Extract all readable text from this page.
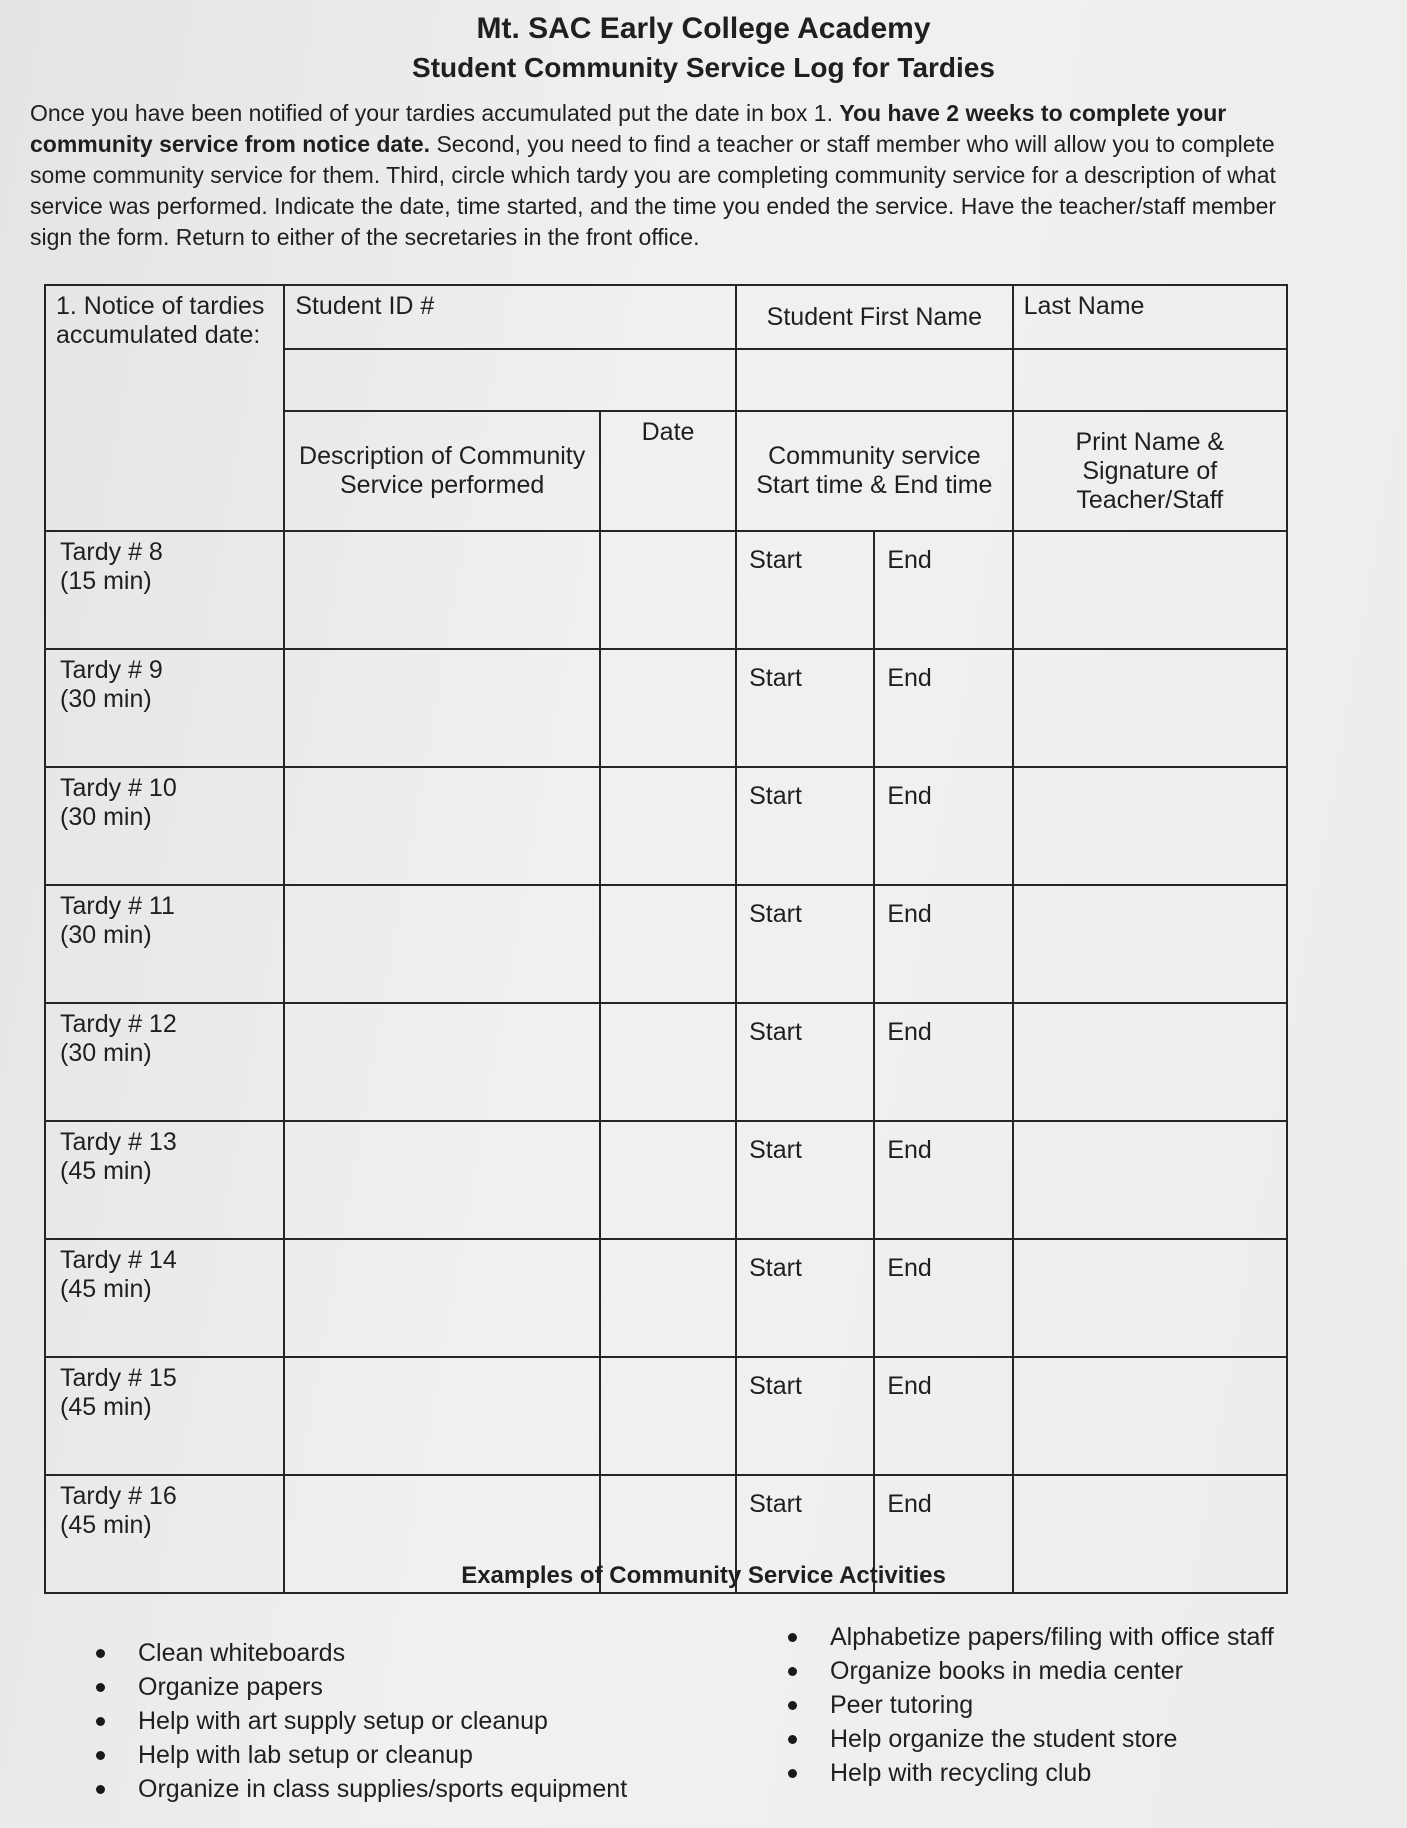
Mt. SAC Early College Academy
Student Community Service Log for Tardies

Once you have been notified of your tardies accumulated put the date in box 1. You have 2 weeks to complete your community service from notice date. Second, you need to find a teacher or staff member who will allow you to complete some community service for them. Third, circle which tardy you are completing community service for a description of what service was performed. Indicate the date, time started, and the time you ended the service. Have the teacher/staff member sign the form. Return to either of the secretaries in the front office.

1. Notice of tardies accumulated date:	Student ID #		Student First Name		Last Name

	Description of Community Service performed	Date	Community service Start time & End time		Print Name & Signature of Teacher/Staff

Tardy # 8
(15 min)			Start	End	

Tardy # 9
(30 min)			Start	End	

Tardy # 10
(30 min)			Start	End	

Tardy # 11
(30 min)			Start	End	

Tardy # 12
(30 min)			Start	End	

Tardy # 13
(45 min)			Start	End	

Tardy # 14
(45 min)			Start	End	

Tardy # 15
(45 min)			Start	End	

Tardy # 16
(45 min)			Start	End	
Examples of Community Service Activities
Clean whiteboards
Organize papers
Help with art supply setup or cleanup
Help with lab setup or cleanup
Organize in class supplies/sports equipment
Alphabetize papers/filing with office staff
Organize books in media center
Peer tutoring
Help organize the student store
Help with recycling club
